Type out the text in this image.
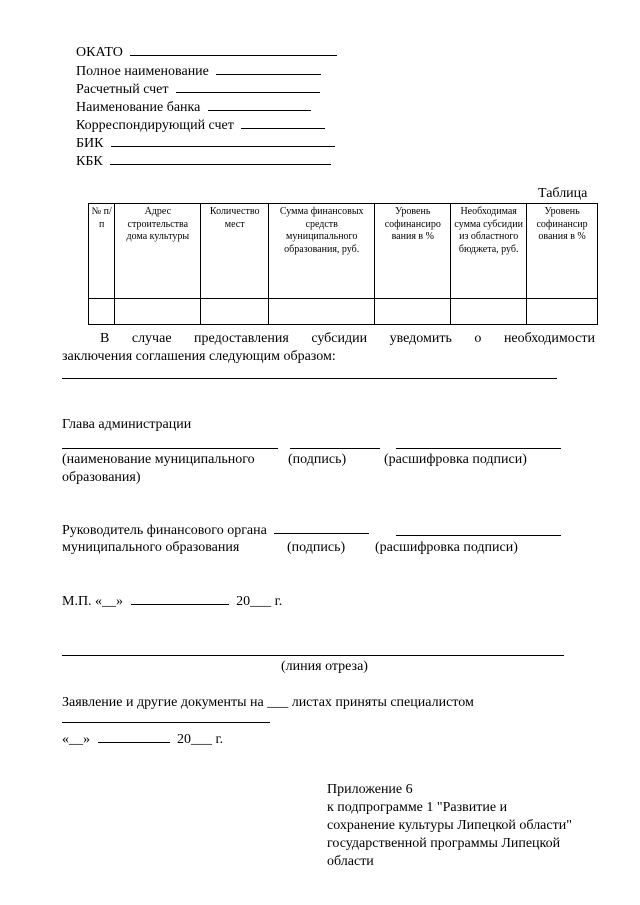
ОКАТО
Полное наименование
Расчетный счет
Наименование банка
Корреспондирующий счет
БИК
КБК
Таблица
№ п/п	Адрес строительства дома культуры	Количество мест	Сумма финансовых средств муниципального образования, руб.	Уровень софинансиро вания в %	Необходимая сумма субсидии из областного бюджета, руб.	Уровень софинансир ования в %

В случае предоставления субсидии уведомить о необходимости
заключения соглашения следующим образом:
Глава администрации
(наименование муниципального (подпись)	(расшифровка подписи)
образования)
Руководитель финансового органа
муниципального образования	(подпись) (расшифровка подписи)
М.П. «__»	20___ г.
(линия отреза)
Заявление и другие документы на ___ листах приняты специалистом
«__»	20___ г.
Приложение 6
к подпрограмме 1 "Развитие и
сохранение культуры Липецкой области"
государственной программы Липецкой
области
